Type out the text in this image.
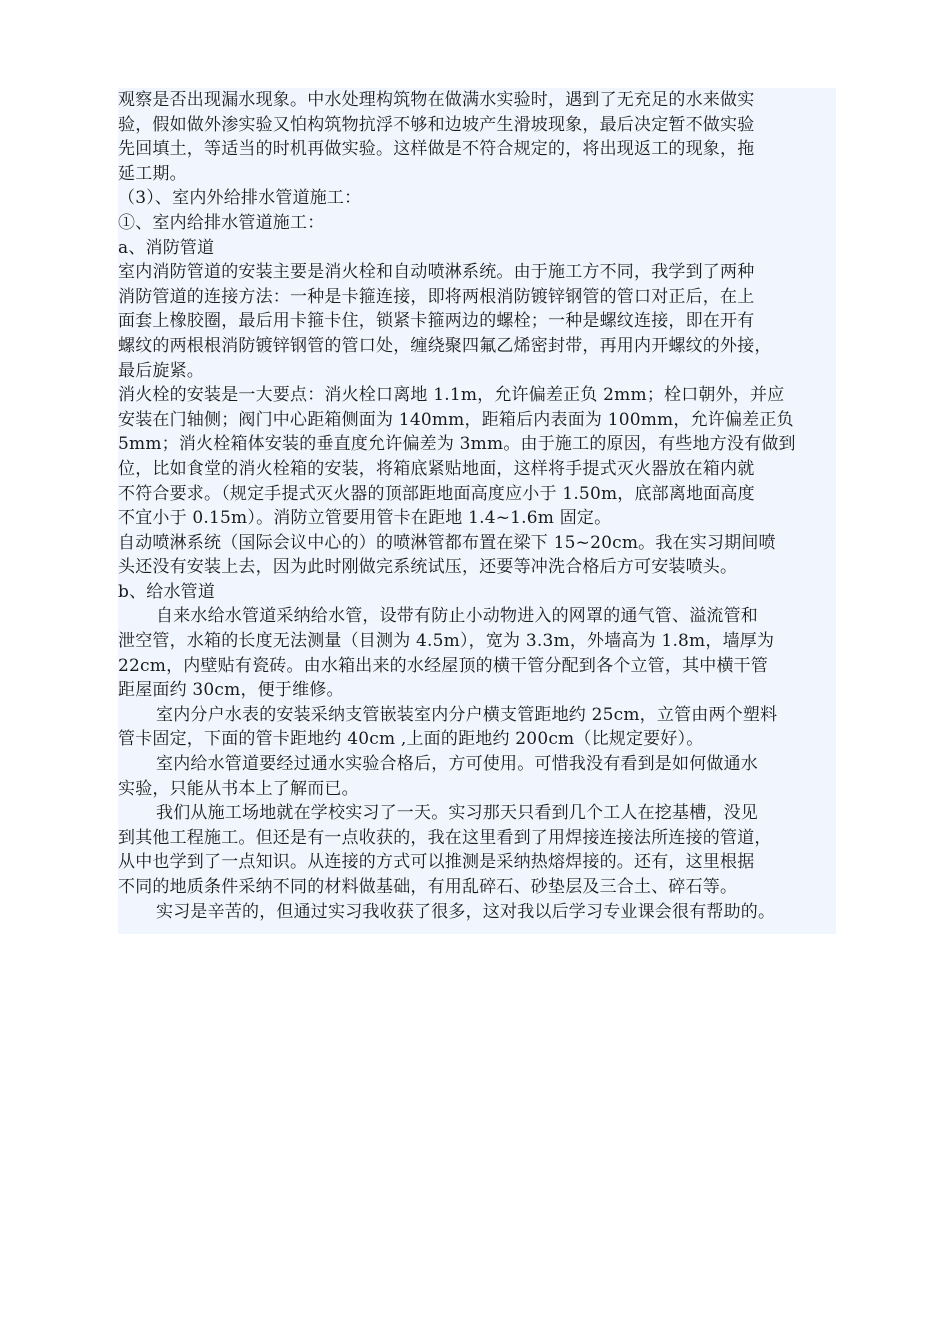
观察是否出现漏水现象。中水处理构筑物在做满水实验时，遇到了无充足的水来做实
验，假如做外渗实验又怕构筑物抗浮不够和边坡产生滑坡现象，最后决定暂不做实验
先回填土，等适当的时机再做实验。这样做是不符合规定的，将出现返工的现象，拖
延工期。
（3）、室内外给排水管道施工：
①、室内给排水管道施工：
a、消防管道
室内消防管道的安装主要是消火栓和自动喷淋系统。由于施工方不同，我学到了两种
消防管道的连接方法：一种是卡箍连接，即将两根消防镀锌钢管的管口对正后，在上
面套上橡胶圈，最后用卡箍卡住，锁紧卡箍两边的螺栓；一种是螺纹连接，即在开有
螺纹的两根根消防镀锌钢管的管口处，缠绕聚四氟乙烯密封带，再用内开螺纹的外接，
最后旋紧。
消火栓的安装是一大要点：消火栓口离地 1.1m，允许偏差正负 2mm；栓口朝外，并应
安装在门轴侧；阀门中心距箱侧面为 140mm，距箱后内表面为 100mm，允许偏差正负
5mm；消火栓箱体安装的垂直度允许偏差为 3mm。由于施工的原因，有些地方没有做到
位，比如食堂的消火栓箱的安装，将箱底紧贴地面，这样将手提式灭火器放在箱内就
不符合要求。（规定手提式灭火器的顶部距地面高度应小于 1.50m，底部离地面高度
不宜小于 0.15m）。消防立管要用管卡在距地 1.4~1.6m 固定。
自动喷淋系统（国际会议中心的）的喷淋管都布置在梁下 15~20cm。我在实习期间喷
头还没有安装上去，因为此时刚做完系统试压，还要等冲洗合格后方可安装喷头。
b、给水管道
自来水给水管道采纳给水管，设带有防止小动物进入的网罩的通气管、溢流管和
泄空管，水箱的长度无法测量（目测为 4.5m），宽为 3.3m，外墙高为 1.8m，墙厚为
22cm，内壁贴有瓷砖。由水箱出来的水经屋顶的横干管分配到各个立管，其中横干管
距屋面约 30cm，便于维修。
室内分户水表的安装采纳支管嵌装室内分户横支管距地约 25cm，立管由两个塑料
管卡固定，下面的管卡距地约 40cm ,上面的距地约 200cm（比规定要好）。
室内给水管道要经过通水实验合格后，方可使用。可惜我没有看到是如何做通水
实验，只能从书本上了解而已。
我们从施工场地就在学校实习了一天。实习那天只看到几个工人在挖基槽，没见
到其他工程施工。但还是有一点收获的，我在这里看到了用焊接连接法所连接的管道，
从中也学到了一点知识。从连接的方式可以推测是采纳热熔焊接的。还有，这里根据
不同的地质条件采纳不同的材料做基础，有用乱碎石、砂垫层及三合土、碎石等。
实习是辛苦的，但通过实习我收获了很多，这对我以后学习专业课会很有帮助的。
